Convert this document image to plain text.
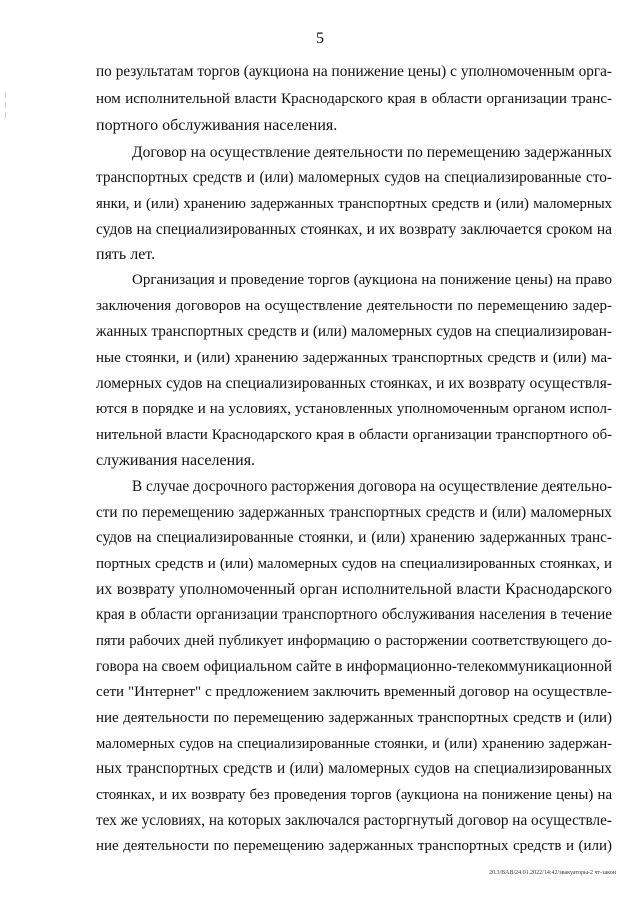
5
по результатам торгов (аукциона на понижение цены) с уполномоченным орга-
ном исполнительной власти Краснодарского края в области организации транс-
портного обслуживания населения.
Договор на осуществление деятельности по перемещению задержанных
транспортных средств и (или) маломерных судов на специализированные сто-
янки, и (или) хранению задержанных транспортных средств и (или) маломерных
судов на специализированных стоянках, и их возврату заключается сроком на
пять лет.
Организация и проведение торгов (аукциона на понижение цены) на право
заключения договоров на осуществление деятельности по перемещению задер-
жанных транспортных средств и (или) маломерных судов на специализирован-
ные стоянки, и (или) хранению задержанных транспортных средств и (или) ма-
ломерных судов на специализированных стоянках, и их возврату осуществля-
ются в порядке и на условиях, установленных уполномоченным органом испол-
нительной власти Краснодарского края в области организации транспортного об-
служивания населения.
В случае досрочного расторжения договора на осуществление деятельно-
сти по перемещению задержанных транспортных средств и (или) маломерных
судов на специализированные стоянки, и (или) хранению задержанных транс-
портных средств и (или) маломерных судов на специализированных стоянках, и
их возврату уполномоченный орган исполнительной власти Краснодарского
края в области организации транспортного обслуживания населения в течение
пяти рабочих дней публикует информацию о расторжении соответствующего до-
говора на своем официальном сайте в информационно-телекоммуникационной
сети "Интернет" с предложением заключить временный договор на осуществле-
ние деятельности по перемещению задержанных транспортных средств и (или)
маломерных судов на специализированные стоянки, и (или) хранению задержан-
ных транспортных средств и (или) маломерных судов на специализированных
стоянках, и их возврату без проведения торгов (аукциона на понижение цены) на
тех же условиях, на которых заключался расторгнутый договор на осуществле-
ние деятельности по перемещению задержанных транспортных средств и (или)
20.3/BAB/24.01.2022/14:42/эвакуаторы-2 чт-закон
